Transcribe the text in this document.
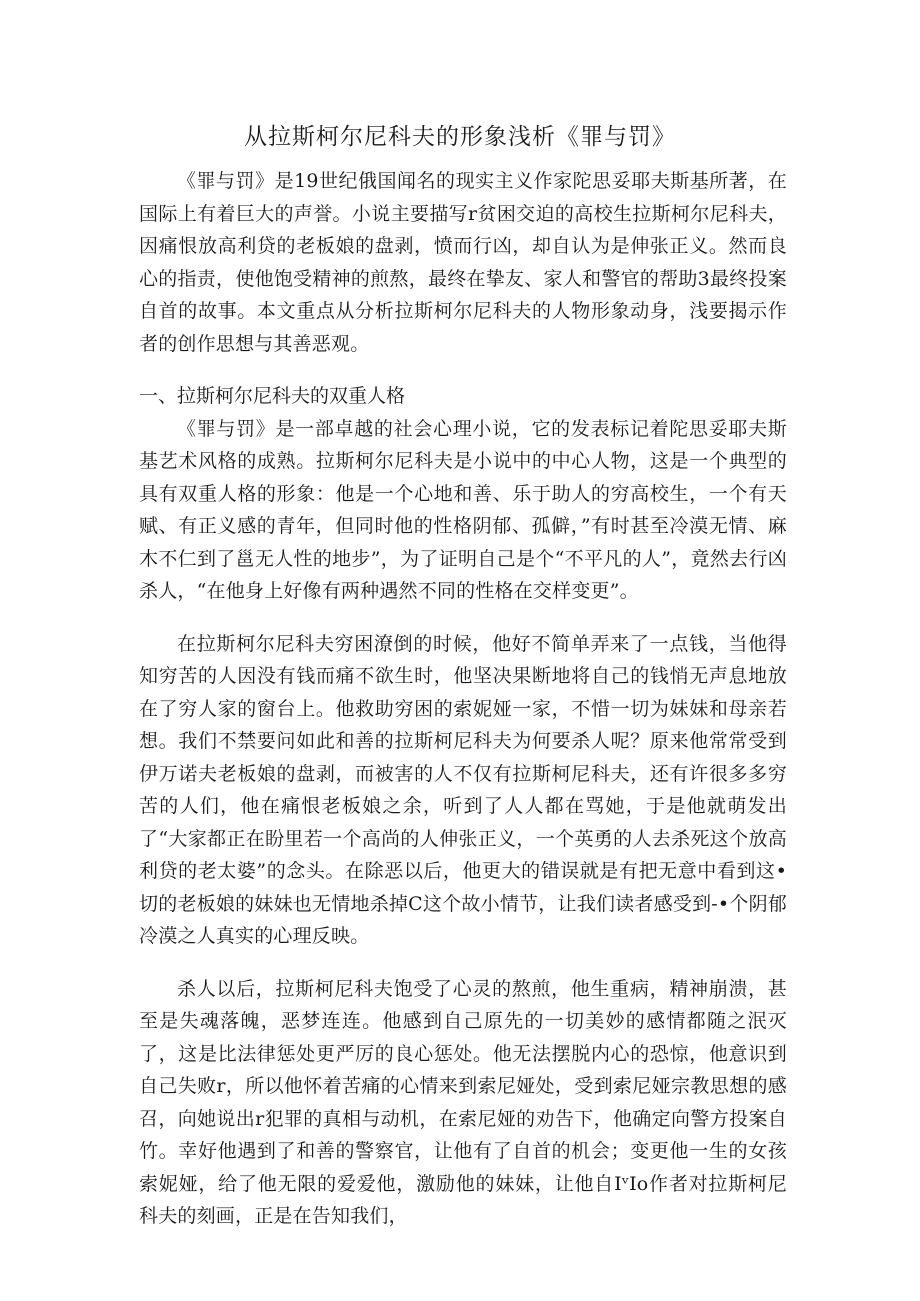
从拉斯柯尔尼科夫的形象浅析《罪与罚》

《罪与罚》是19世纪俄国闻名的现实主义作家陀思妥耶夫斯基所著，在国际上有着巨大的声誉。小说主要描写r贫困交迫的高校生拉斯柯尔尼科夫，因痛恨放高利贷的老板娘的盘剥，愤而行凶，却自认为是伸张正义。然而良心的指责，使他饱受精神的煎熬，最终在挚友、家人和警官的帮助3最终投案自首的故事。本文重点从分析拉斯柯尔尼科夫的人物形象动身，浅要揭示作者的创作思想与其善恶观。

一、拉斯柯尔尼科夫的双重人格

《罪与罚》是一部卓越的社会心理小说，它的发表标记着陀思妥耶夫斯基艺术风格的成熟。拉斯柯尔尼科夫是小说中的中心人物，这是一个典型的具有双重人格的形象：他是一个心地和善、乐于助人的穷高校生，一个有天赋、有正义感的青年，但同时他的性格阴郁、孤僻，”有时甚至冷漠无情、麻木不仁到了邕无人性的地步”，为了证明自己是个“不平凡的人”，竟然去行凶杀人，“在他身上好像有两种遇然不同的性格在交样变更”。

在拉斯柯尔尼科夫穷困潦倒的时候，他好不简单弄来了一点钱，当他得知穷苦的人因没有钱而痛不欲生时，他坚决果断地将自己的钱悄无声息地放在了穷人家的窗台上。他救助穷困的索妮娅一家，不惜一切为妹妹和母亲若想。我们不禁要问如此和善的拉斯柯尼科夫为何要杀人呢？原来他常常受到伊万诺夫老板娘的盘剥，而被害的人不仅有拉斯柯尼科夫，还有许很多多穷苦的人们，他在痛恨老板娘之余，听到了人人都在骂她，于是他就萌发出了“大家都正在盼里若一个高尚的人伸张正义，一个英勇的人去杀死这个放高利贷的老太婆”的念头。在除恶以后，他更大的错误就是有把无意中看到这•切的老板娘的妹妹也无情地杀掉C这个故小情节，让我们读者感受到-•个阴郁冷漠之人真实的心理反映。

杀人以后，拉斯柯尼科夫饱受了心灵的熬煎，他生重病，精神崩溃，甚至是失魂落魄，恶梦连连。他感到自己原先的一切美妙的感情都随之泯灭了，这是比法律惩处更严厉的良心惩处。他无法摆脱内心的恐惊，他意识到自己失败r，所以他怀着苦痛的心情来到索尼娅处，受到索尼娅宗教思想的感召，向她说出r犯罪的真相与动机，在索尼娅的劝告下，他确定向警方投案自竹。幸好他遇到了和善的警察官，让他有了自首的机会；变更他一生的女孩索妮娅，给了他无限的爱爱他，激励他的妹妹，让他自IᵛIo作者对拉斯柯尼科夫的刻画，正是在告知我们，
